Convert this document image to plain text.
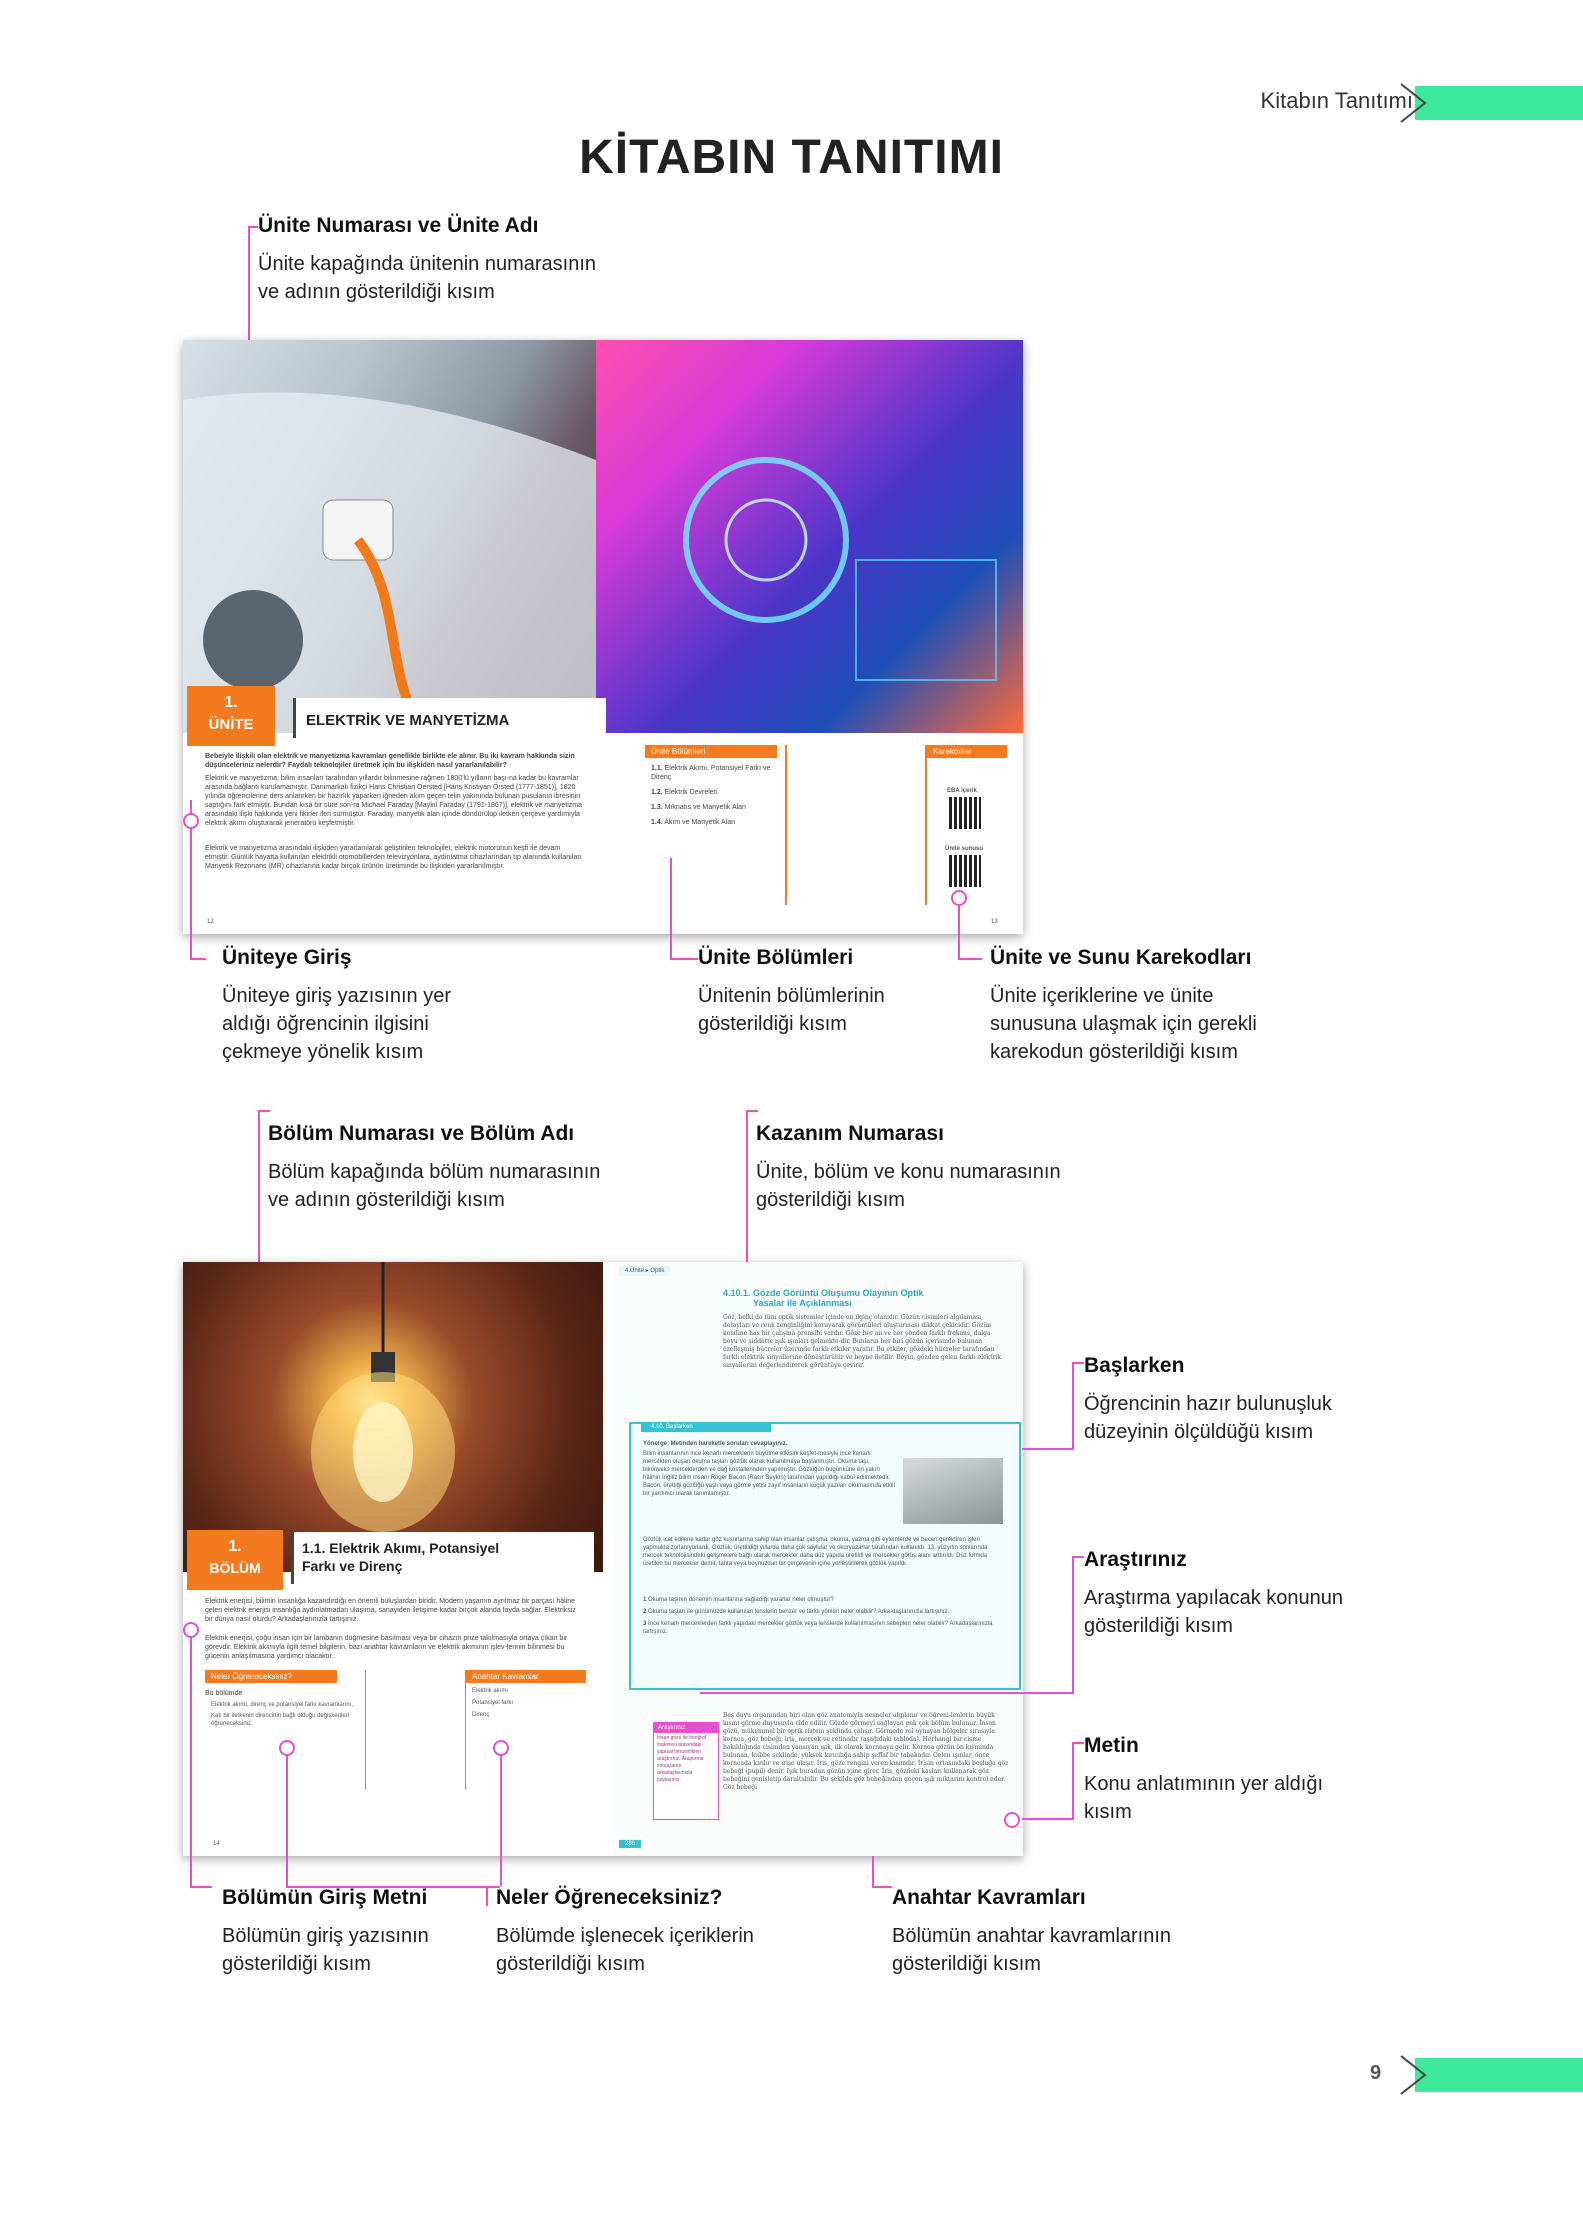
Kitabın Tanıtımı
KİTABIN TANITIMI
Ünite Numarası ve Ünite Adı
Ünite kapağında ünitenin numarasının
ve adının gösterildiği kısım
1.
ÜNİTE	ELEKTRİK VE MANYETİZMA
Bebeiyle ilişkili olan elektrik ve manyetizma kavramları genellikle birlikte ele alınır. Bu iki kavram hakkında sizin düşünceleriniz nelerdir? Faydalı teknolojiler üretmek için bu ilişkiden nasıl yararlanılabilir?
Elektrik ve manyetizma, bilim insanları tarafından yıllardır bilinmesine rağmen 1800'lü yılların başı-na kadar bu kavramlar arasında bağlantı kurulamamıştır. Danimarkalı fizikçi Hans Christian Oersted [Hans Kristiyan Örsted (1777-1851)], 1820 yılında öğrencilerine ders anlatırken bir hazırlık yaparken iğneden akım geçen telin yakınında bulunan pusulanın ibresinin saptığını fark etmiştir. Bundan kısa bir süre son-ra Michael Faraday [Maykıl Faraday (1791-1867)], elektrik ve manyetizma arasındaki ilişki hakkında yeni fikirler ileri sürmüştür. Faraday, manyetik alan içinde döndürülüp iletken çerçeve yardımıyla elektrik akımı oluşturarak jeneratörü keşfetmiştir.
Elektrik ve manyetizma arasındaki ilişkiden yararlanılarak geliştirilen teknolojiler, elektrik motorunun keşfi ile devam etmiştir. Günlük hayatta kullanılan elektrikli otomobillerden televizyonlara, aydınlatma cihazlarından tıp alanında kullanılan Manyetik Rezonans (MR) cihazlarına kadar birçok ürünün üretiminde bu ilişkiden yararlanılmıştır.
Ünite Bölümleri
1.1. Elektrik Akımı, Potansiyel Farkı ve Direnç
1.2. Elektrik Devreleri
1.3. Mıknatıs ve Manyetik Alan
1.4. Akım ve Manyetik Alan
Karekodlar
EBA içerik
Ünite sunusu
12	13
Üniteye Giriş
Üniteye giriş yazısının yer
aldığı öğrencinin ilgisini
çekmeye yönelik kısım
Ünite Bölümleri
Ünitenin bölümlerinin
gösterildiği kısım
Ünite ve Sunu Karekodları
Ünite içeriklerine ve ünite
sunusuna ulaşmak için gerekli
karekodun gösterildiği kısım
Bölüm Numarası ve Bölüm Adı
Bölüm kapağında bölüm numarasının
ve adının gösterildiği kısım
Kazanım Numarası
Ünite, bölüm ve konu numarasının
gösterildiği kısım
1.
BÖLÜM
1.1. Elektrik Akımı, Potansiyel
Farkı ve Direnç
Elektrik enerjisi, bilimin insanlığa kazandırdığı en önemli buluşlardan biridir. Modern yaşamın ayrılmaz bir parçası hâline gelen elektrik enerjisi insanlığa aydınlatmadan ulaşıma, sanayiden iletişime kadar birçok alanda fayda sağlar. Elektriksiz bir dünya nasıl olurdu? Arkadaşlarınızla tartışınız.
Elektrik enerjisi, çoğu insan için bir lambanın düğmesine basılması veya bir cihazın prize takılmasıyla ortaya çıkan bir görevdir. Elektrik akımıyla ilgili temel bilgilerin, bazı anahtar kavramların ve elektrik akımının işlev-lerinin bilinmesi bu gücenin anlaşılmasına yardımcı olacaktır.
Neler Öğreneceksiniz?
Bu bölümde
Elektrik akımı, direnç ve potansiyel farkı kavramlarını,
Katı bir iletkenin direncinin bağlı olduğu değişkenleri öğreneceksiniz.
Anahtar Kavramlar
Elektrik akımı
Potansiyel farkı
Direnç
14
4.Ünite ▸ Optik
4.10.1. Gözde Görüntü Oluşumu Olayının Optik
Yasalar ile Açıklanması
Göz, belki de tüm optik sistemler içinde en ilginç olanıdır. Gözün cisimleri algılaması, detayları ve renk zenginliğini koruyarak görüntüleri oluşturması dikkat çekicidir. Gözün kendine has bir çalışma prensibi vardır. Göze her an ve her yönden farklı frekans, dalga boyu ve şiddette ışık ışınları gelmekte-dir. Bunların her biri gözün içerisinde bulunan özelleşmiş hücreler üzerinde farklı etkiler yaratır. Bu etkiler, gözdeki hücreler tarafından farklı elektrik sinyallerine dönüştürülür ve beyne iletilir. Beyin, gözden gelen farklı elektrik sinyallerini değerlendirerek görüntüye çevirir.
4.10. Başlarken
Yönerge: Metinden hareketle soruları cevaplayınız.
Bilim insanlarının ince kenarlı merceklerin büyütme etkisini keşfet-mesiyle ince kenarlı mercekten oluşan okuma taşları gözlük olarak kullanılmaya başlanmıştır. Okuma taşı, bikonveks merceklerden ve dağ kristallerinden yapılmıştır. Gözlüğün bugünküne en yakın hâlinin İngiliz bilim insanı Roger Bacon (Racır Beykın) tarafından yapıldığı kabul edilmektedir. Bacon, ürettiği gözlüğü yaşlı veya görme yetisi zayıf insanların küçük yazıları okumasında etkili bir yardımcı olarak tanımlamıştır.
Gözlük icat edilene kadar göz kusurlarına sahip olan insanlar çalışma, okuma, yazma gibi eylemlerde ve beceri gerektiren işleri yapmakta zorlanıyorlardı. Gözlük, ürettildiği yıllarda daha çok soylular ve okuryazarlar tarafından kullanıldı. 13. yüzyılın sonlarında mercek teknolojisindeki gelişmelere bağlı olarak mercekler daha düz yapıda üretildi ve mercekler görüş alanı arttırıldı. Düz formda üretilen bu mercekler demir, tahta veya boynuzdan bir çerçevenin içine yerleştirilerek gözlük yapıldı.
1 Okuma taşının dönemin insanlarına sağladığı yararlar neler olmuştur?
2 Okuma taşları ile günümüzde kullanılan lenslerin benzer ve farklı yönleri neler olabilir? Arka-daşlarınızla tartışınız.
3 İnce kenarlı merceklerden farklı yapıdaki mercekler gözlük veya lenslerde kullanılmasının sebepleri neler olabilir? Arkadaşlarınızla tartışınız.
Araştırınız
İnsan gözü ile fotoğraf makinesi arasındaki yapısal benzerlikleri araştırınız. Araştırma sonuçlarını arkadaşlarınızla paylaşınız.
Beş duyu organından biri olan göz anatomiyla nesneler algılanır ve öğreni-lenlerin büyük kısmı görme duyusuyla elde edilir. Gözde görmeyi sağlayan pek çok bölüm bulunur. İnsan gözü, mükemmel bir optik sistem şeklinde çalışır. Görmede rol oynayan bölgeler sırasıyla kornea, göz bebeği, iris, mercek ve retinadır (aşağıdaki tabloda). Herhangi bir cisme bakıldığında cisimden yansıyan ışık, ilk olarak korneaya gelir. Kornea gözün ön kısmında bulunan, kubbe şeklinde, yüksek kırıcılığa sahip şeffaf bir tabakadır. Gelen ışınlar, önce korneada kırılır ve irise ulaşır. İris, göze rengini veren kısımdır. İrisin ortasındaki boşluğa göz bebeği (pupil) denir. Işık buradan gözün içine girer. İris, gözdeki kasları kullanarak göz bebeğini genişletip daraltabilir. Bu şekilde göz bebeğinden geçen ışık miktarını kontrol eder. Göz bebeği
286
Başlarken
Öğrencinin hazır bulunuşluk
düzeyinin ölçüldüğü kısım
Araştırınız
Araştırma yapılacak konunun
gösterildiği kısım
Metin
Konu anlatımının yer aldığı
kısım
Bölümün Giriş Metni
Bölümün giriş yazısının
gösterildiği kısım
Neler Öğreneceksiniz?
Bölümde işlenecek içeriklerin
gösterildiği kısım
Anahtar Kavramları
Bölümün anahtar kavramlarının
gösterildiği kısım
9
